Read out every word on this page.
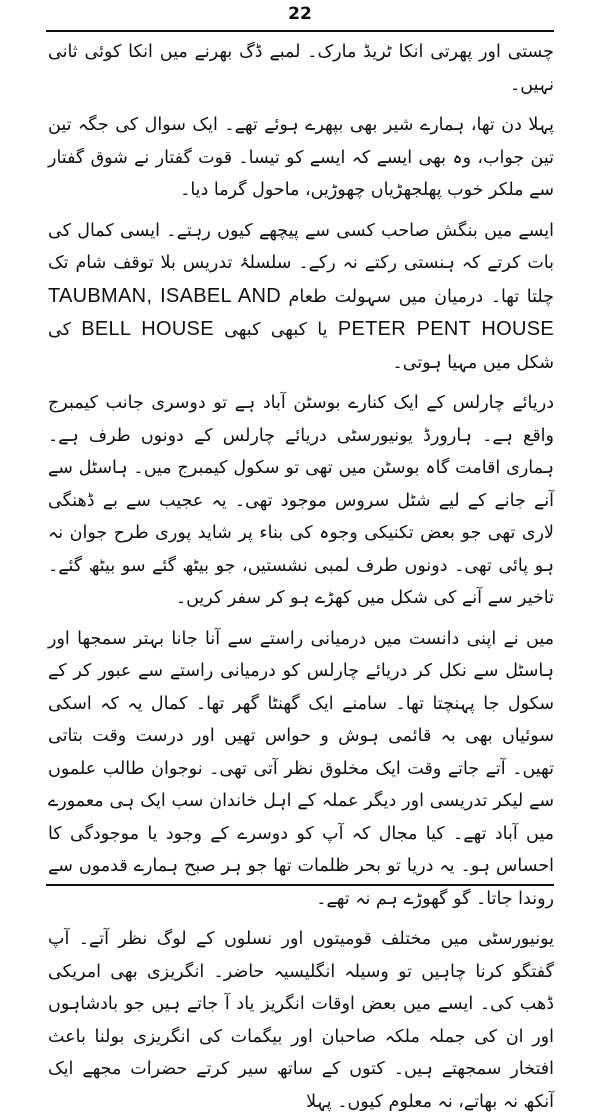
22

چستی اور پھرتی انکا ٹریڈ مارک۔ لمبے ڈگ بھرنے میں انکا کوئی ثانی نہیں۔

پہلا دن تھا، ہمارے شیر بھی بپھرے ہوئے تھے۔ ایک سوال کی جگہ تین تین جواب، وہ بھی ایسے کہ ایسے کو تیسا۔ قوت گفتار نے شوق گفتار سے ملکر خوب پھلجھڑیاں چھوڑیں، ماحول گرما دیا۔

ایسے میں بنگش صاحب کسی سے پیچھے کیوں رہتے۔ ایسی کمال کی بات کرتے کہ ہنستی رکتے نہ رکے۔ سلسلۂ تدریس بلا توقف شام تک چلتا تھا۔ درمیان میں سہولت طعام TAUBMAN, ISABEL AND PETER PENT HOUSE یا کبھی کبھی BELL HOUSE کی شکل میں مہیا ہوتی۔

دریائے چارلس کے ایک کنارے بوسٹن آباد ہے تو دوسری جانب کیمبرج واقع ہے۔ ہارورڈ یونیورسٹی دریائے چارلس کے دونوں طرف ہے۔ ہماری اقامت گاہ بوسٹن میں تھی تو سکول کیمبرج میں۔ ہاسٹل سے آنے جانے کے لیے شٹل سروس موجود تھی۔ یہ عجیب سے بے ڈھنگی لاری تھی جو بعض تکنیکی وجوہ کی بناء پر شاید پوری طرح جوان نہ ہو پائی تھی۔ دونوں طرف لمبی نشستیں، جو بیٹھ گئے سو بیٹھ گئے۔ تاخیر سے آنے کی شکل میں کھڑے ہو کر سفر کریں۔

میں نے اپنی دانست میں درمیانی راستے سے آنا جانا بہتر سمجھا اور ہاسٹل سے نکل کر دریائے چارلس کو درمیانی راستے سے عبور کر کے سکول جا پہنچتا تھا۔ سامنے ایک گھنٹا گھر تھا۔ کمال یہ کہ اسکی سوئیاں بھی بہ قائمی ہوش و حواس تھیں اور درست وقت بتاتی تھیں۔ آتے جاتے وقت ایک مخلوق نظر آتی تھی۔ نوجوان طالب علموں سے لیکر تدریسی اور دیگر عملہ کے اہل خاندان سب ایک ہی معمورے میں آباد تھے۔ کیا مجال کہ آپ کو دوسرے کے وجود یا موجودگی کا احساس ہو۔ یہ دریا تو بحر ظلمات تھا جو ہر صبح ہمارے قدموں سے روندا جاتا۔ گو گھوڑے ہم نہ تھے۔

یونیورسٹی میں مختلف قومیتوں اور نسلوں کے لوگ نظر آتے۔ آپ گفتگو کرنا چاہیں تو وسیلہ انگلیسیہ حاضر۔ انگریزی بھی امریکی ڈھب کی۔ ایسے میں بعض اوقات انگریز یاد آ جاتے ہیں جو بادشاہوں اور ان کی جملہ ملکہ صاحبان اور بیگمات کی انگریزی بولنا باعث افتخار سمجھتے ہیں۔ کتوں کے ساتھ سیر کرتے حضرات مجھے ایک آنکھ نہ بھاتے، نہ معلوم کیوں۔ پہلا
